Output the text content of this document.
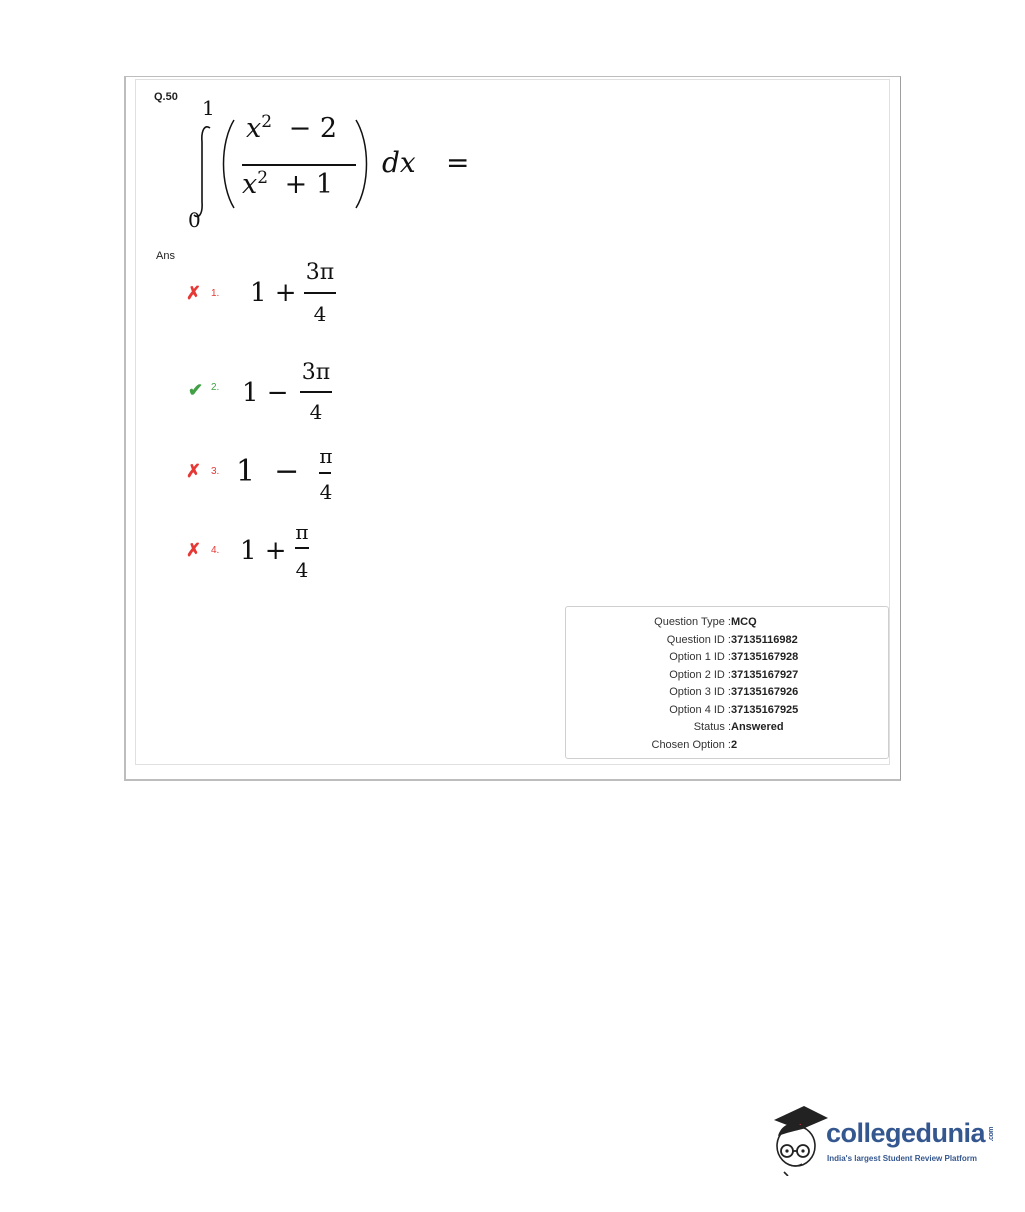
Q.50 1
0
$x^2 - 2$
$x^2 + 1$
dx =
Ans
✗ 1. 1 +
3π
4
✔ 2. 1 −
3π
4
✗ 3. 1  − π
4
✗ 4. 1 +
π
4
Question Type : MCQ
Question ID : 37135116982
Option 1 ID : 37135167928
Option 2 ID : 37135167927
Option 3 ID : 37135167926
Option 4 ID : 37135167925
Status : Answered
Chosen Option : 2
collegedunia .com
India's largest Student Review Platform
